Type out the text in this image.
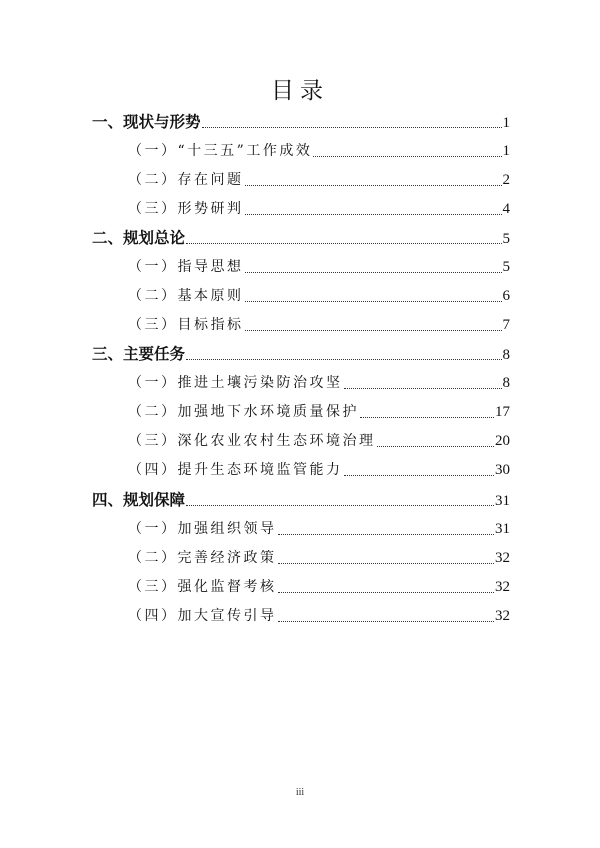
目录
一、现状与形势	1
（一）“十三五”工作成效	1
（二）存在问题	2
（三）形势研判	4
二、规划总论	5
（一）指导思想	5
（二）基本原则	6
（三）目标指标	7
三、主要任务	8
（一）推进土壤污染防治攻坚	8
（二）加强地下水环境质量保护	17
（三）深化农业农村生态环境治理	20
（四）提升生态环境监管能力	30
四、规划保障	31
（一）加强组织领导	31
（二）完善经济政策	32
（三）强化监督考核	32
（四）加大宣传引导	32
iii
